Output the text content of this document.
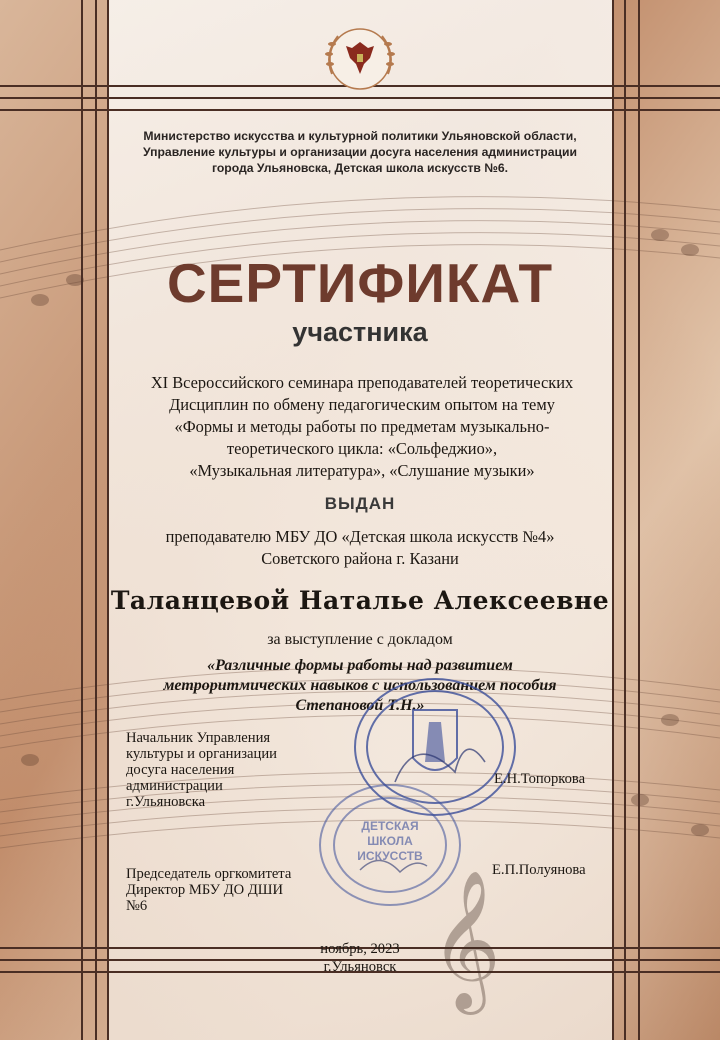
𝄞
Министерство искусства и культурной политики Ульяновской области,
Управление культуры и организации досуга населения администрации
города Ульяновска, Детская школа искусств №6.
СЕРТИФИКАТ
участника
XI Всероссийского семинара преподавателей теоретических
Дисциплин по обмену педагогическим опытом на тему
«Формы и методы работы по предметам музыкально-
теоретического цикла: «Сольфеджио»,
«Музыкальная литература», «Слушание музыки»
ВЫДАН
преподавателю МБУ ДО «Детская школа искусств №4»
Советского района г. Казани
Таланцевой Наталье Алексеевне
за выступление с докладом
«Различные формы работы над развитием
метроритмических навыков с использованием пособия
Степановой Т.Н.»
ДЕТСКАЯ
ШКОЛА
ИСКУССТВ
Начальник Управления
культуры и организации
досуга населения
администрации
г.Ульяновска
Е.Н.Топоркова
Председатель оргкомитета
Директор МБУ ДО ДШИ
№6
Е.П.Полуянова
ноябрь, 2023
г.Ульяновск
